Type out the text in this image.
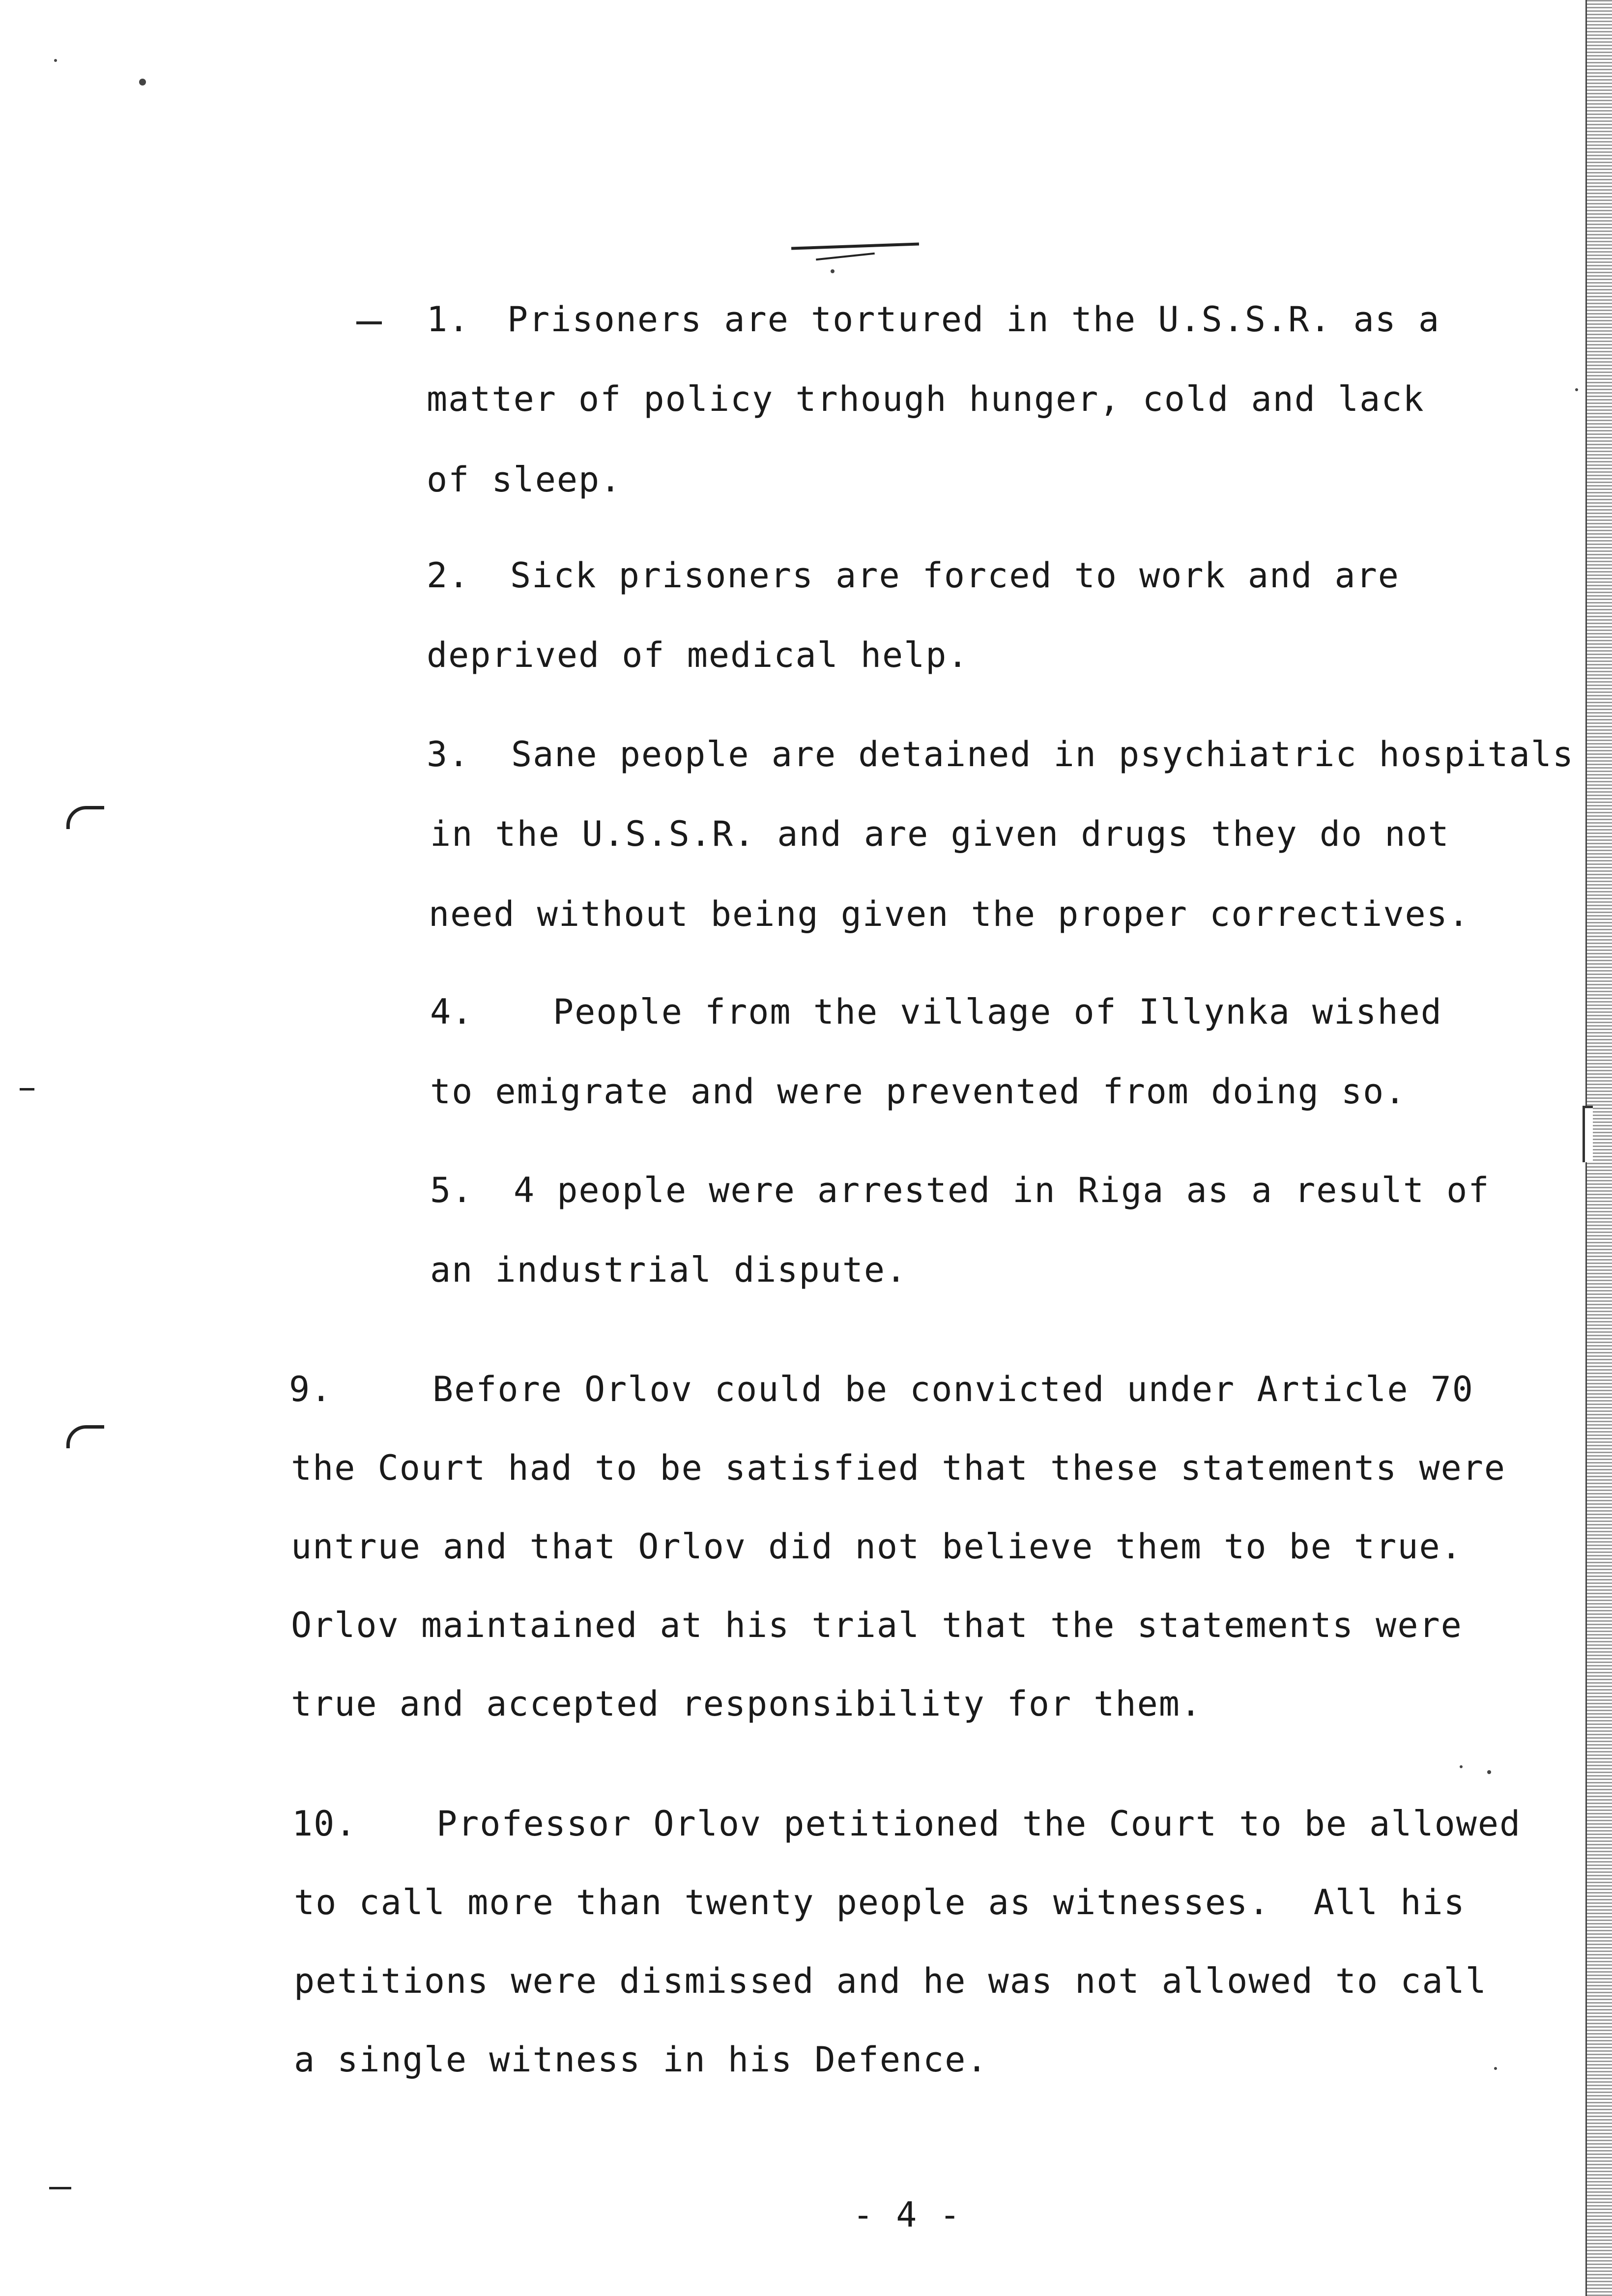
1. Prisoners are tortured in the U.S.S.R. as a
matter of policy trhough hunger, cold and lack
of sleep.
2. Sick prisoners are forced to work and are
deprived of medical help.
3. Sane people are detained in psychiatric hospitals
in the U.S.S.R. and are given drugs they do not
need without being given the proper correctives.
4. People from the village of Illynka wished
to emigrate and were prevented from doing so.
5. 4 people were arrested in Riga as a result of
an industrial dispute.
9.	Before Orlov could be convicted under Article 70
the Court had to be satisfied that these statements were
untrue and that Orlov did not believe them to be true.
Orlov maintained at his trial that the statements were
true and accepted responsibility for them.
10. Professor Orlov petitioned the Court to be allowed
to call more than twenty people as witnesses.  All his
petitions were dismissed and he was not allowed to call
a single witness in his Defence.
- 4 -
